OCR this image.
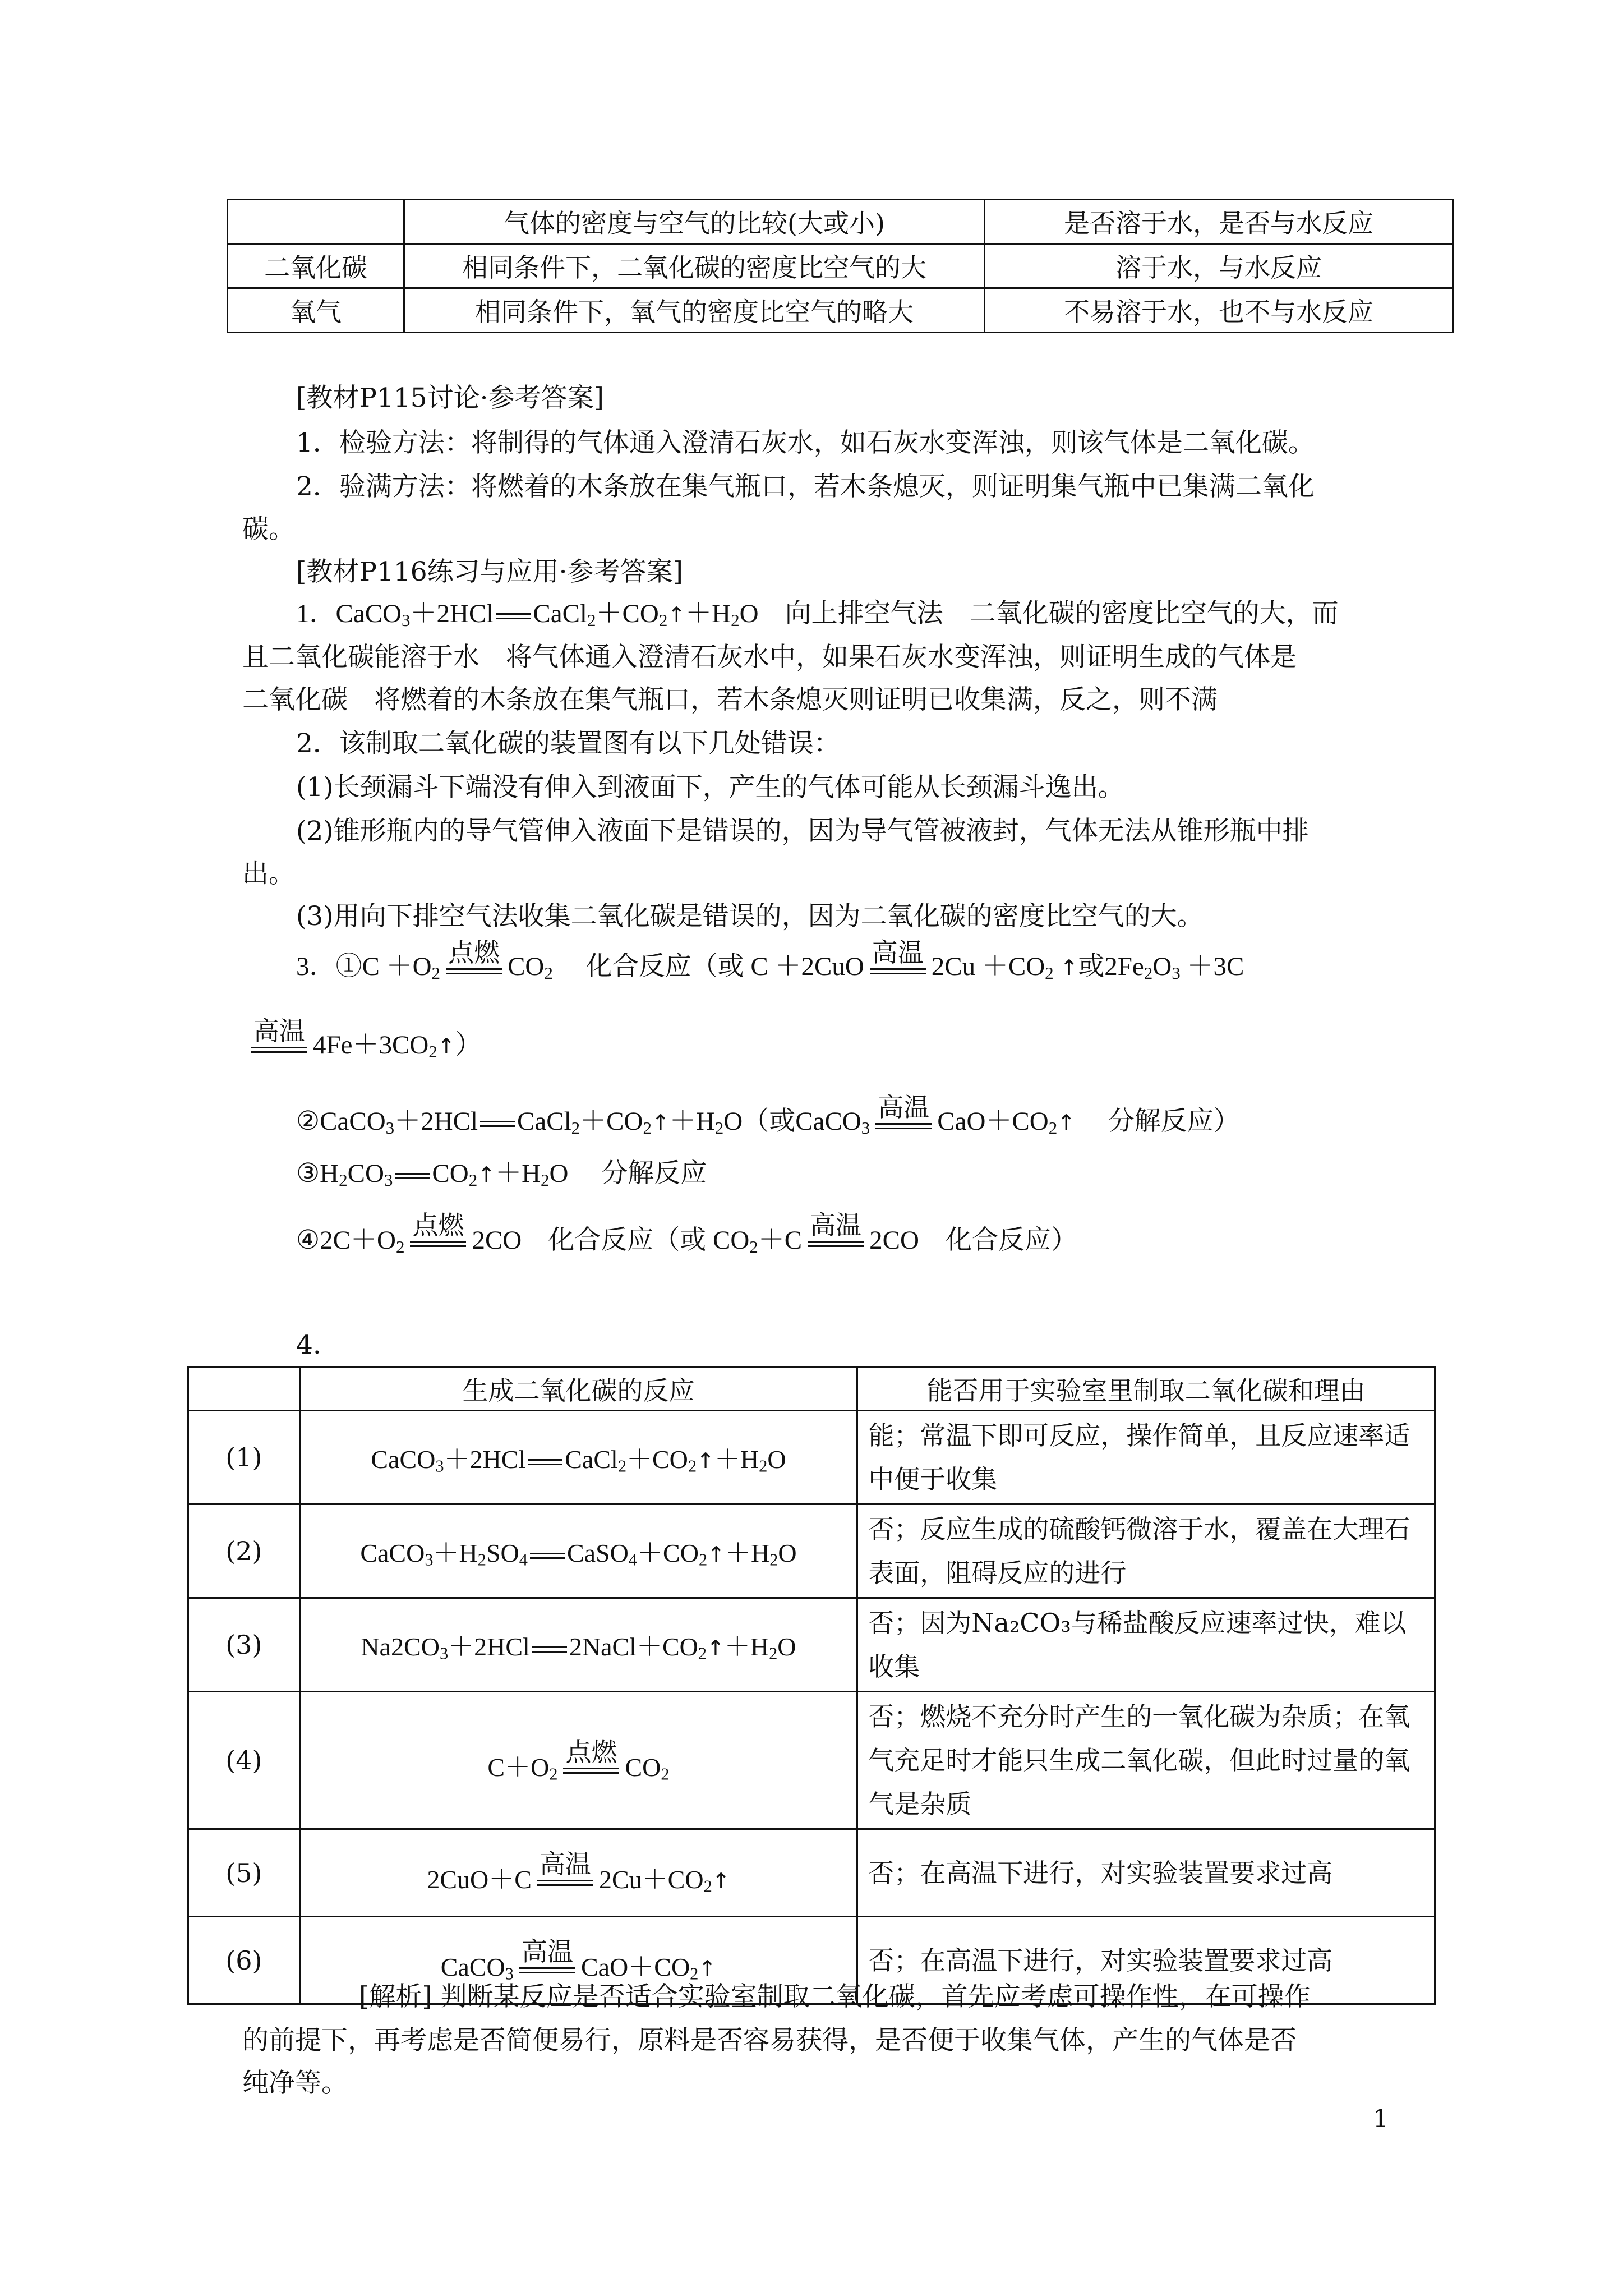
	气体的密度与空气的比较(大或小)	是否溶于水，是否与水反应
二氧化碳	相同条件下，二氧化碳的密度比空气的大	溶于水，与水反应
氧气	相同条件下，氧气的密度比空气的略大	不易溶于水，也不与水反应
[教材P115讨论·参考答案]
1．检验方法：将制得的气体通入澄清石灰水，如石灰水变浑浊，则该气体是二氧化碳。
2．验满方法：将燃着的木条放在集气瓶口，若木条熄灭，则证明集气瓶中已集满二氧化
碳。
[教材P116练习与应用·参考答案]
1．CaCO$_3$＋2HCl $CaCl_2+CO_2↑+H_2O$　向上排空气法　二氧化碳的密度比空气的大，而
且二氧化碳能溶于水　将气体通入澄清石灰水中，如果石灰水变浑浊，则证明生成的气体是
二氧化碳　将燃着的木条放在集气瓶口，若木条熄灭则证明已收集满，反之，则不满
2．该制取二氧化碳的装置图有以下几处错误：
(1)长颈漏斗下端没有伸入到液面下，产生的气体可能从长颈漏斗逸出。
(2)锥形瓶内的导气管伸入液面下是错误的，因为导气管被液封，气体无法从锥形瓶中排
出。
(3)用向下排空气法收集二氧化碳是错误的，因为二氧化碳的密度比空气的大。
3．①C $+O_2$
点燃 $CO_2$　 化合反应（或 C ＋2CuO 高温 $2Cu +CO_2$ ↑或$2Fe_2O_3 +3C$
高温 $4Fe+3CO_2↑$）
②CaCO$_3$＋2HCl $CaCl_2+CO_2↑+H_2O$（或CaCO$_3$
高温 $CaO+CO_2↑$　 分解反应）
$③H_2CO_3$ $CO_2↑+H_2O$　 分解反应
$④2C+O_2$
点燃
2CO　化合反应（或 $CO_2+C$
高温
2CO　化合反应）
4.
	生成二氧化碳的反应	能否用于实验室里制取二氧化碳和理由
(1)	CaCO$_3$＋2HCl $CaCl_2+CO_2↑+H_2O$	能；常温下即可反应，操作简单，且反应速率适中便于收集
(2)	$CaCO_3+H_2SO_4$ $CaSO_4+CO_2↑+H_2O$	否；反应生成的硫酸钙微溶于水，覆盖在大理石表面，阻碍反应的进行
(3)	$Na2CO_3+2HCl$ $2NaCl+CO_2↑+H_2O$	否；因为Na₂CO₃与稀盐酸反应速率过快，难以收集
(4)	$C+O_2$
点燃
$CO_2$	否；燃烧不充分时产生的一氧化碳为杂质；在氧气充足时才能只生成二氧化碳，但此时过量的氧气是杂质
(5)	2CuO＋C
高温
$2Cu+CO_2↑$	否；在高温下进行，对实验装置要求过高
(6)	CaCO$_3$
高温
$CaO+CO_2↑$	否；在高温下进行，对实验装置要求过高
[解析] 判断某反应是否适合实验室制取二氧化碳，首先应考虑可操作性，在可操作
的前提下，再考虑是否简便易行，原料是否容易获得，是否便于收集气体，产生的气体是否
纯净等。
1
